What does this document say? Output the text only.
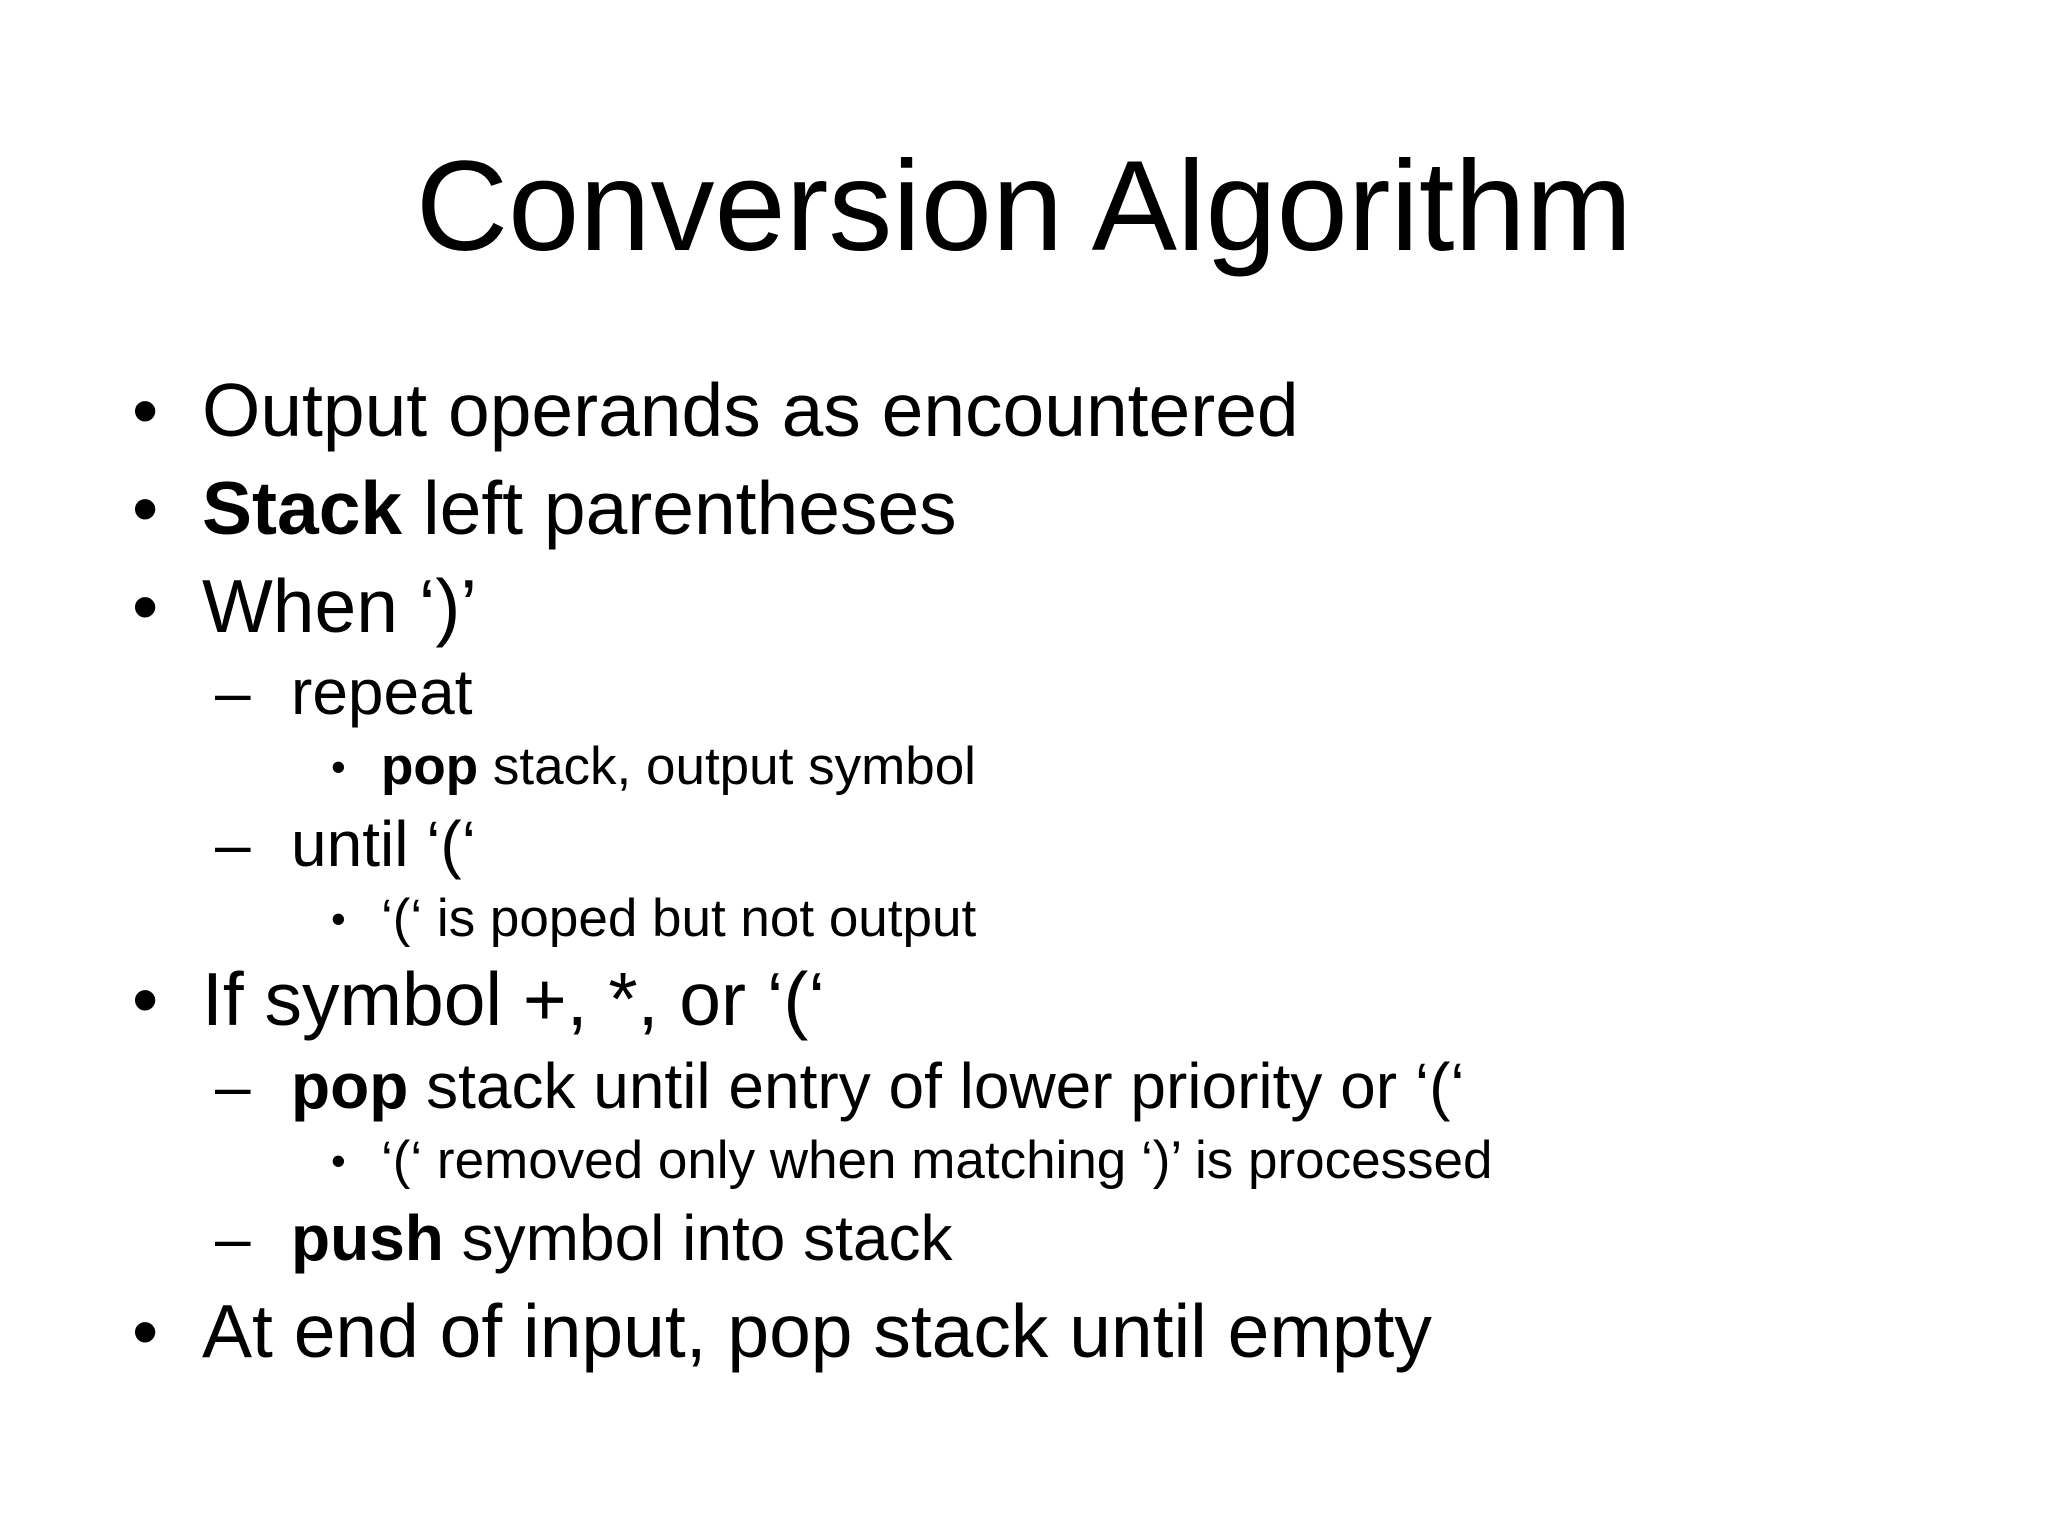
Conversion Algorithm
• Output operands as encountered
• Stack left parentheses
• When ‘)’
– repeat
• pop stack, output symbol
– until ‘(‘
• ‘(‘ is poped but not output
• If symbol +, *, or ‘(‘
– pop stack until entry of lower priority or ‘(‘
• ‘(‘ removed only when matching ‘)’ is processed
– push symbol into stack
• At end of input, pop stack until empty
